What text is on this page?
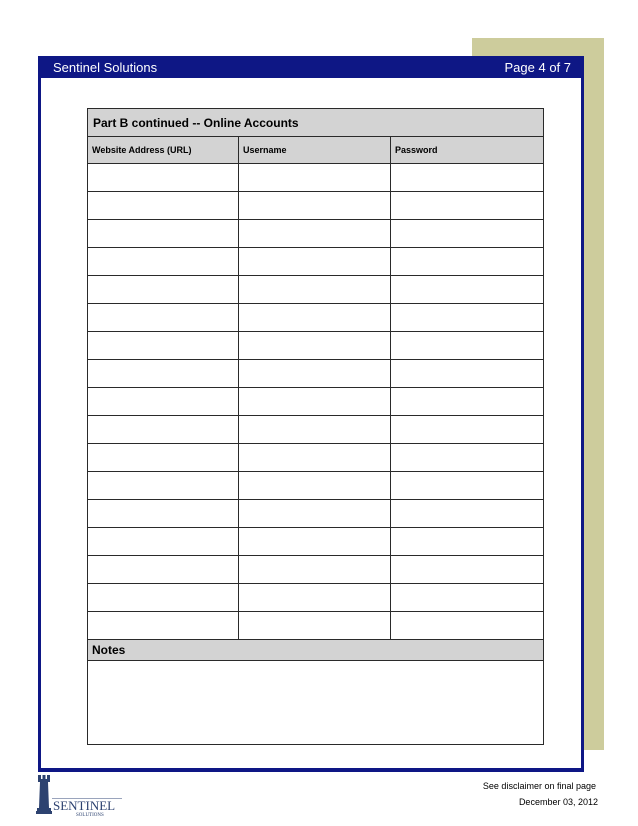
Sentinel Solutions	Page 4 of 7
Part B continued -- Online Accounts		
Website Address (URL)	Username	Password

Notes		

SENTINEL
SOLUTIONS
See disclaimer on final page
December 03, 2012
